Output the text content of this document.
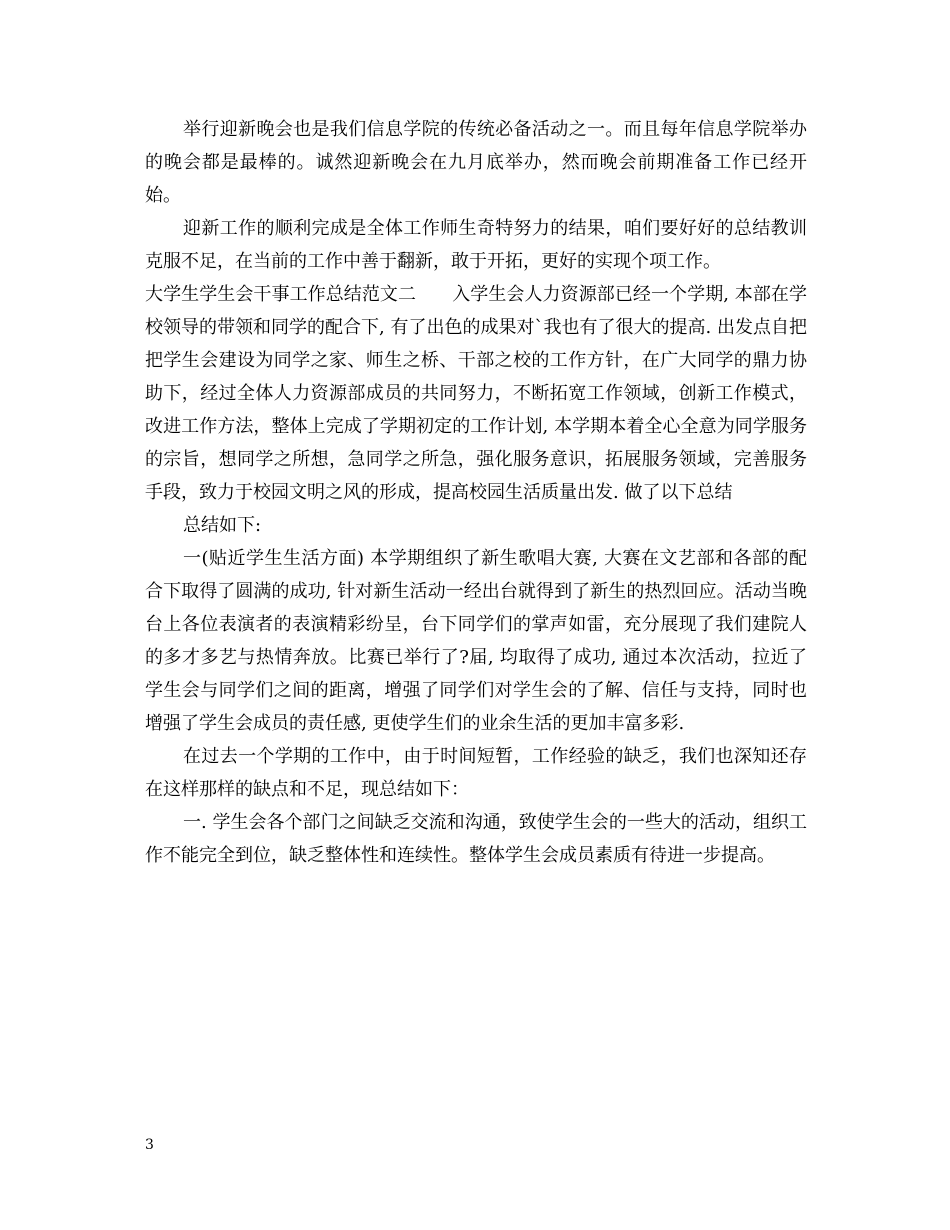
举行迎新晚会也是我们信息学院的传统必备活动之一。而且每年信息学院举办的晚会都是最棒的。诚然迎新晚会在九月底举办，然而晚会前期准备工作已经开始。

迎新工作的顺利完成是全体工作师生奇特努力的结果，咱们要好好的总结教训克服不足，在当前的工作中善于翻新，敢于开拓，更好的实现个项工作。

大学生学生会干事工作总结范文二　　入学生会人力资源部已经一个学期, 本部在学校领导的带领和同学的配合下, 有了出色的成果对`我也有了很大的提高. 出发点自把把学生会建设为同学之家、师生之桥、干部之校的工作方针，在广大同学的鼎力协助下，经过全体人力资源部成员的共同努力，不断拓宽工作领域，创新工作模式，改进工作方法，整体上完成了学期初定的工作计划, 本学期本着全心全意为同学服务的宗旨，想同学之所想，急同学之所急，强化服务意识，拓展服务领域，完善服务手段，致力于校园文明之风的形成，提高校园生活质量出发. 做了以下总结

总结如下:

一(贴近学生生活方面) 本学期组织了新生歌唱大赛, 大赛在文艺部和各部的配合下取得了圆满的成功, 针对新生活动一经出台就得到了新生的热烈回应。活动当晚台上各位表演者的表演精彩纷呈，台下同学们的掌声如雷，充分展现了我们建院人的多才多艺与热情奔放。比赛已举行了?届, 均取得了成功, 通过本次活动，拉近了学生会与同学们之间的距离，增强了同学们对学生会的了解、信任与支持，同时也增强了学生会成员的责任感, 更使学生们的业余生活的更加丰富多彩.

在过去一个学期的工作中，由于时间短暂，工作经验的缺乏，我们也深知还存在这样那样的缺点和不足，现总结如下：

一. 学生会各个部门之间缺乏交流和沟通，致使学生会的一些大的活动，组织工作不能完全到位，缺乏整体性和连续性。整体学生会成员素质有待进一步提高。

3
